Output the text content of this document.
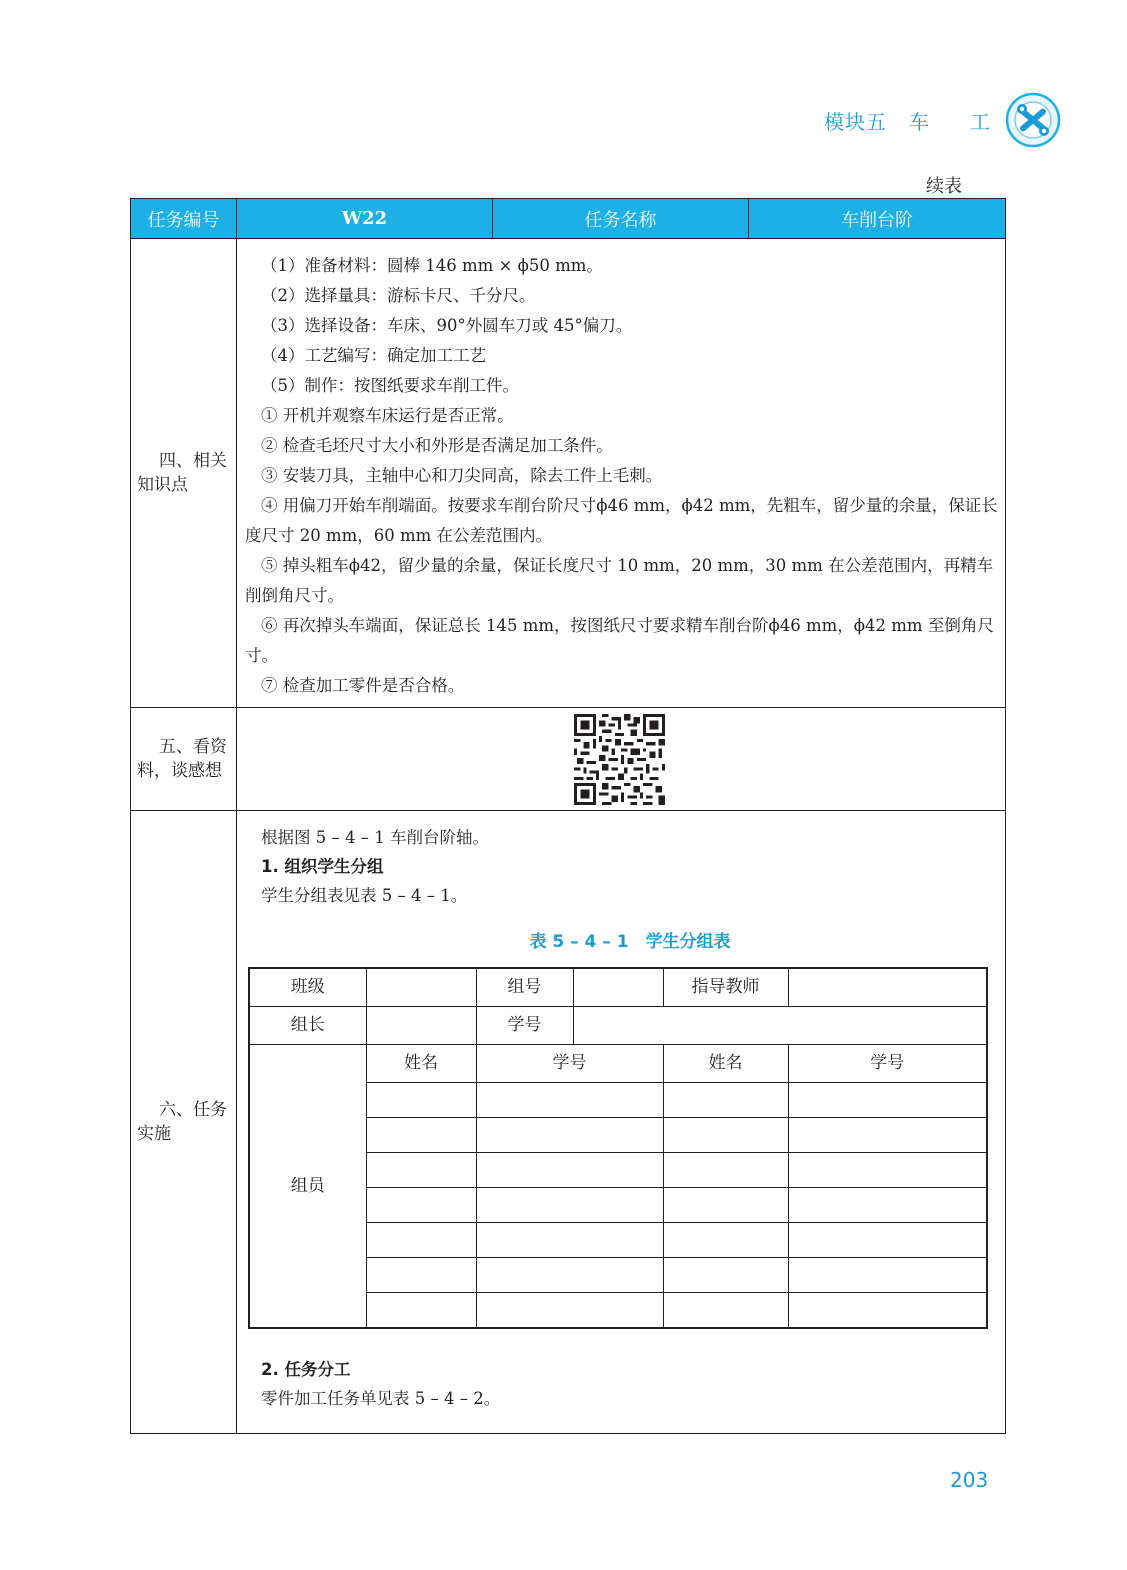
模块五 车 工
续表
任务编号	W22	任务名称	车削台阶
四、相关知识点	

（1）准备材料：圆棒 146 mm × ϕ50 mm。

（2）选择量具：游标卡尺、千分尺。

（3）选择设备：车床、90°外圆车刀或 45°偏刀。

（4）工艺编写：确定加工工艺

（5）制作：按图纸要求车削工件。

① 开机并观察车床运行是否正常。

② 检查毛坯尺寸大小和外形是否满足加工条件。

③ 安装刀具，主轴中心和刀尖同高，除去工件上毛刺。

④ 用偏刀开始车削端面。按要求车削台阶尺寸ϕ46 mm，ϕ42 mm，先粗车，留少量的余量，保证长度尺寸 20 mm，60 mm 在公差范围内。

⑤ 掉头粗车ϕ42，留少量的余量，保证长度尺寸 10 mm，20 mm，30 mm 在公差范围内，再精车削倒角尺寸。

⑥ 再次掉头车端面，保证总长 145 mm，按图纸尺寸要求精车削台阶ϕ46 mm，ϕ42 mm 至倒角尺寸。

⑦ 检查加工零件是否合格。

五、看资料，谈感想	

六、任务实施	

根据图 5 – 4 – 1 车削台阶轴。

1. 组织学生分组

学生分组表见表 5 – 4 – 1。

表 5 – 4 – 1　学生分组表

班级		组号		指导教师	
组长		学号	
组员	姓名	学号	姓名	学号

2. 任务分工

零件加工任务单见表 5 – 4 – 2。

203
